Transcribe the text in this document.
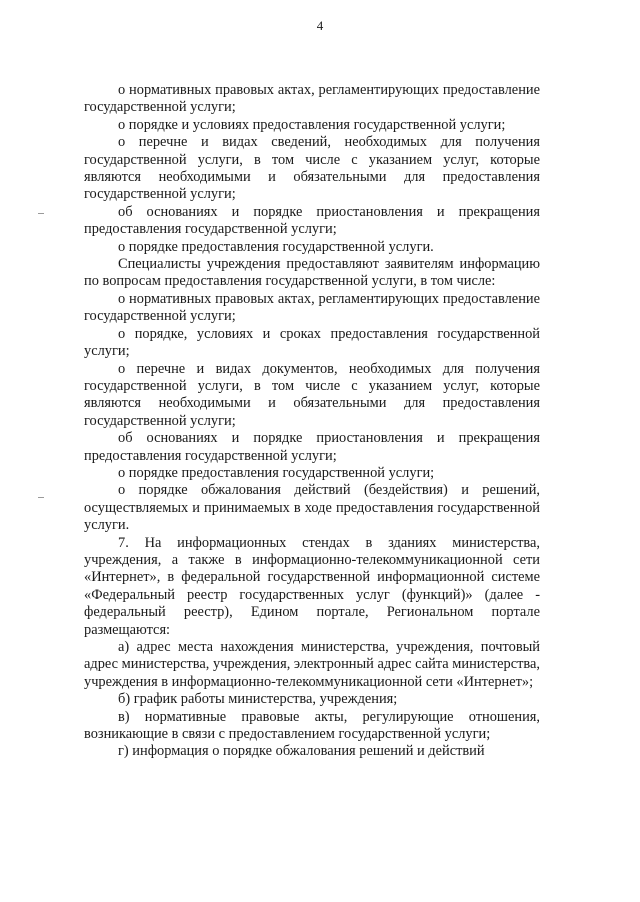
4

о нормативных правовых актах, регламентирующих предоставление государственной услуги;

о порядке и условиях предоставления государственной услуги;

о перечне и видах сведений, необходимых для получения государственной услуги, в том числе с указанием услуг, которые являются необходимыми и обязательными для предоставления государственной услуги;

об основаниях и порядке приостановления и прекращения предоставления государственной услуги;

о порядке предоставления государственной услуги.

Специалисты учреждения предоставляют заявителям информацию по вопросам предоставления государственной услуги, в том числе:

о нормативных правовых актах, регламентирующих предоставление государственной услуги;

о порядке, условиях и сроках предоставления государственной услуги;

о перечне и видах документов, необходимых для получения государственной услуги, в том числе с указанием услуг, которые являются необходимыми и обязательными для предоставления государственной услуги;

об основаниях и порядке приостановления и прекращения предоставления государственной услуги;

о порядке предоставления государственной услуги;

о порядке обжалования действий (бездействия) и решений, осуществляемых и принимаемых в ходе предоставления государственной услуги.

7. На информационных стендах в зданиях министерства, учреждения, а также в информационно-телекоммуникационной сети «Интернет», в федеральной государственной информационной системе «Федеральный реестр государственных услуг (функций)» (далее - федеральный реестр), Едином портале, Региональном портале размещаются:

а) адрес места нахождения министерства, учреждения, почтовый адрес министерства, учреждения, электронный адрес сайта министерства, учреждения в информационно-телекоммуникационной сети «Интернет»;

б) график работы министерства, учреждения;

в) нормативные правовые акты, регулирующие отношения, возникающие в связи с предоставлением государственной услуги;

г) информация о порядке обжалования решений и действий
